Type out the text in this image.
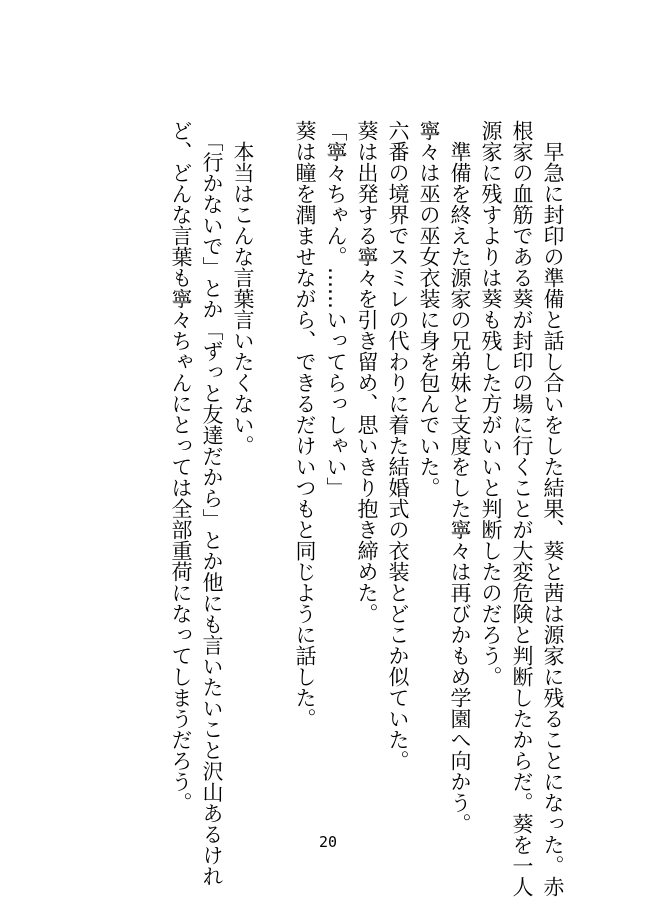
　早急に封印の準備と話し合いをした結果、葵と茜は源家に残ることになった。赤
根家の血筋である葵が封印の場に行くことが大変危険と判断したからだ。葵を一人
源家に残すよりは葵も残した方がいいと判断したのだろう。
　準備を終えた源家の兄弟妹と支度をした寧々は再びかもめ学園へ向かう。
寧々は巫の巫女衣装に身を包んでいた。
六番の境界でスミレの代わりに着た結婚式の衣装とどこか似ていた。
葵は出発する寧々を引き留め、思いきり抱き締めた。
「寧々ちゃん。……いってらっしゃい」
葵は瞳を潤ませながら、できるだけいつもと同じように話した。
　本当はこんな言葉言いたくない。
　「行かないで」とか「ずっと友達だから」とか他にも言いたいこと沢山あるけれ
ど、どんな言葉も寧々ちゃんにとっては全部重荷になってしまうだろう。
20
